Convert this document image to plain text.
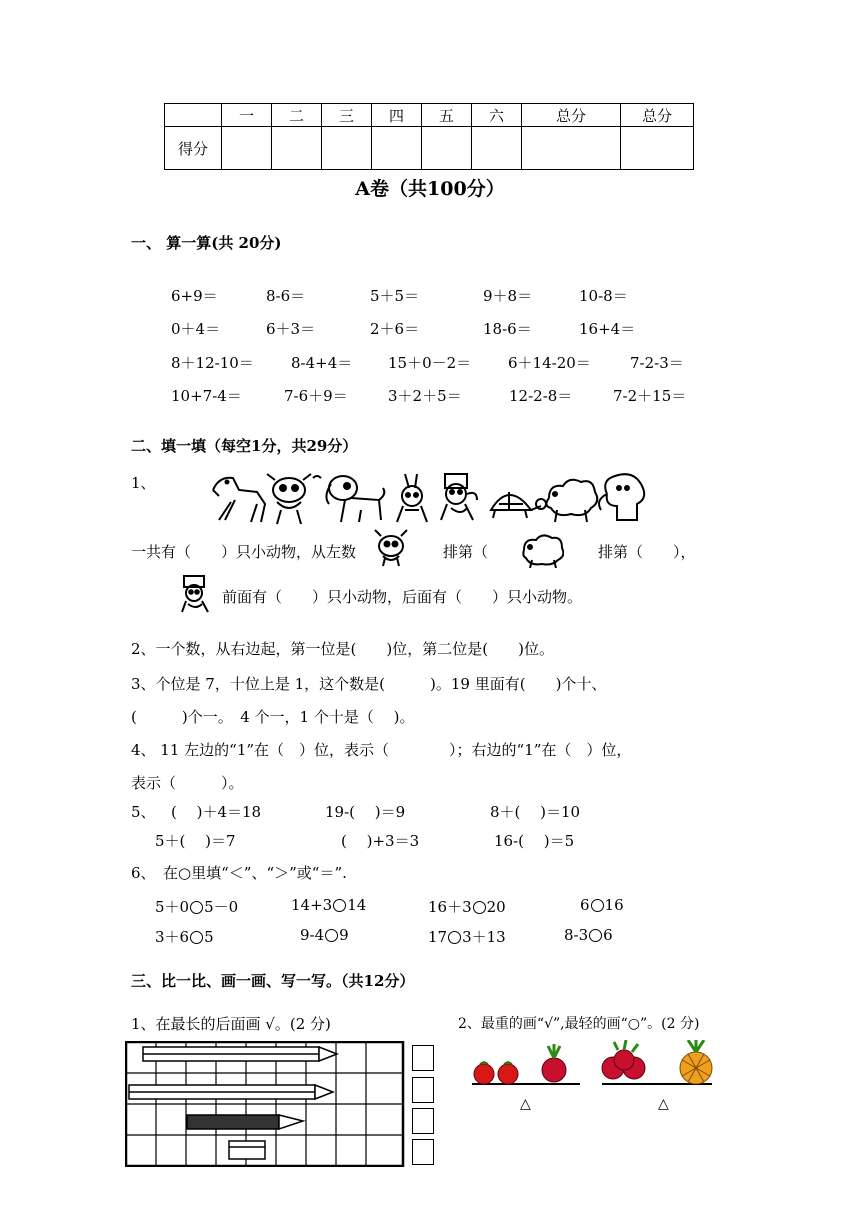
	一	二	三	四	五	六	总分	总分
得分								
A卷（共100分）
一、 算一算(共 20分)
6+9＝	8-6＝	5＋5＝	9＋8＝	10-8＝
0＋4＝	6＋3＝	2＋6＝	18-6＝	16+4＝
8＋12-10＝ 8-4+4＝ 15＋0－2＝ 6＋14-20＝	7-2-3＝
10+7-4＝	7-6＋9＝	3＋2＋5＝	12-2-8＝	7-2＋15＝
二、填一填（每空1分，共29分）
1、
一共有（　　）只小动物，从左数	排第（	排第（　　），
前面有（　　）只小动物，后面有（　　）只小动物。
2、一个数，从右边起，第一位是(　　)位，第二位是(　　)位。
3、个位是 7，十位上是 1，这个数是(　　　)。19 里面有(　　)个十、
(　　　)个一。　4 个一，1 个十是（　 )。
4、 11 左边的“1”在（　）位，表示（　　　　）；右边的“1”在（　）位，
表示（　　　）。
5、 (　 )＋4＝18	19-(　 )＝9	8＋(　 )＝10
5＋(　 )＝7	(　 )+3＝3	16-(　 )＝5
6、　在○里填“＜”、“＞”或“＝”.
5＋0 5－0	14+3 14	16＋3 20	6 16
3＋6 5	9-4 9	17 3＋13	8-3 6
三、比一比、画一画、写一写。（共12分）
1、在最长的后面画 √。(2 分)	2、最重的画“√”,最轻的画“○”。(2 分)
△	△
